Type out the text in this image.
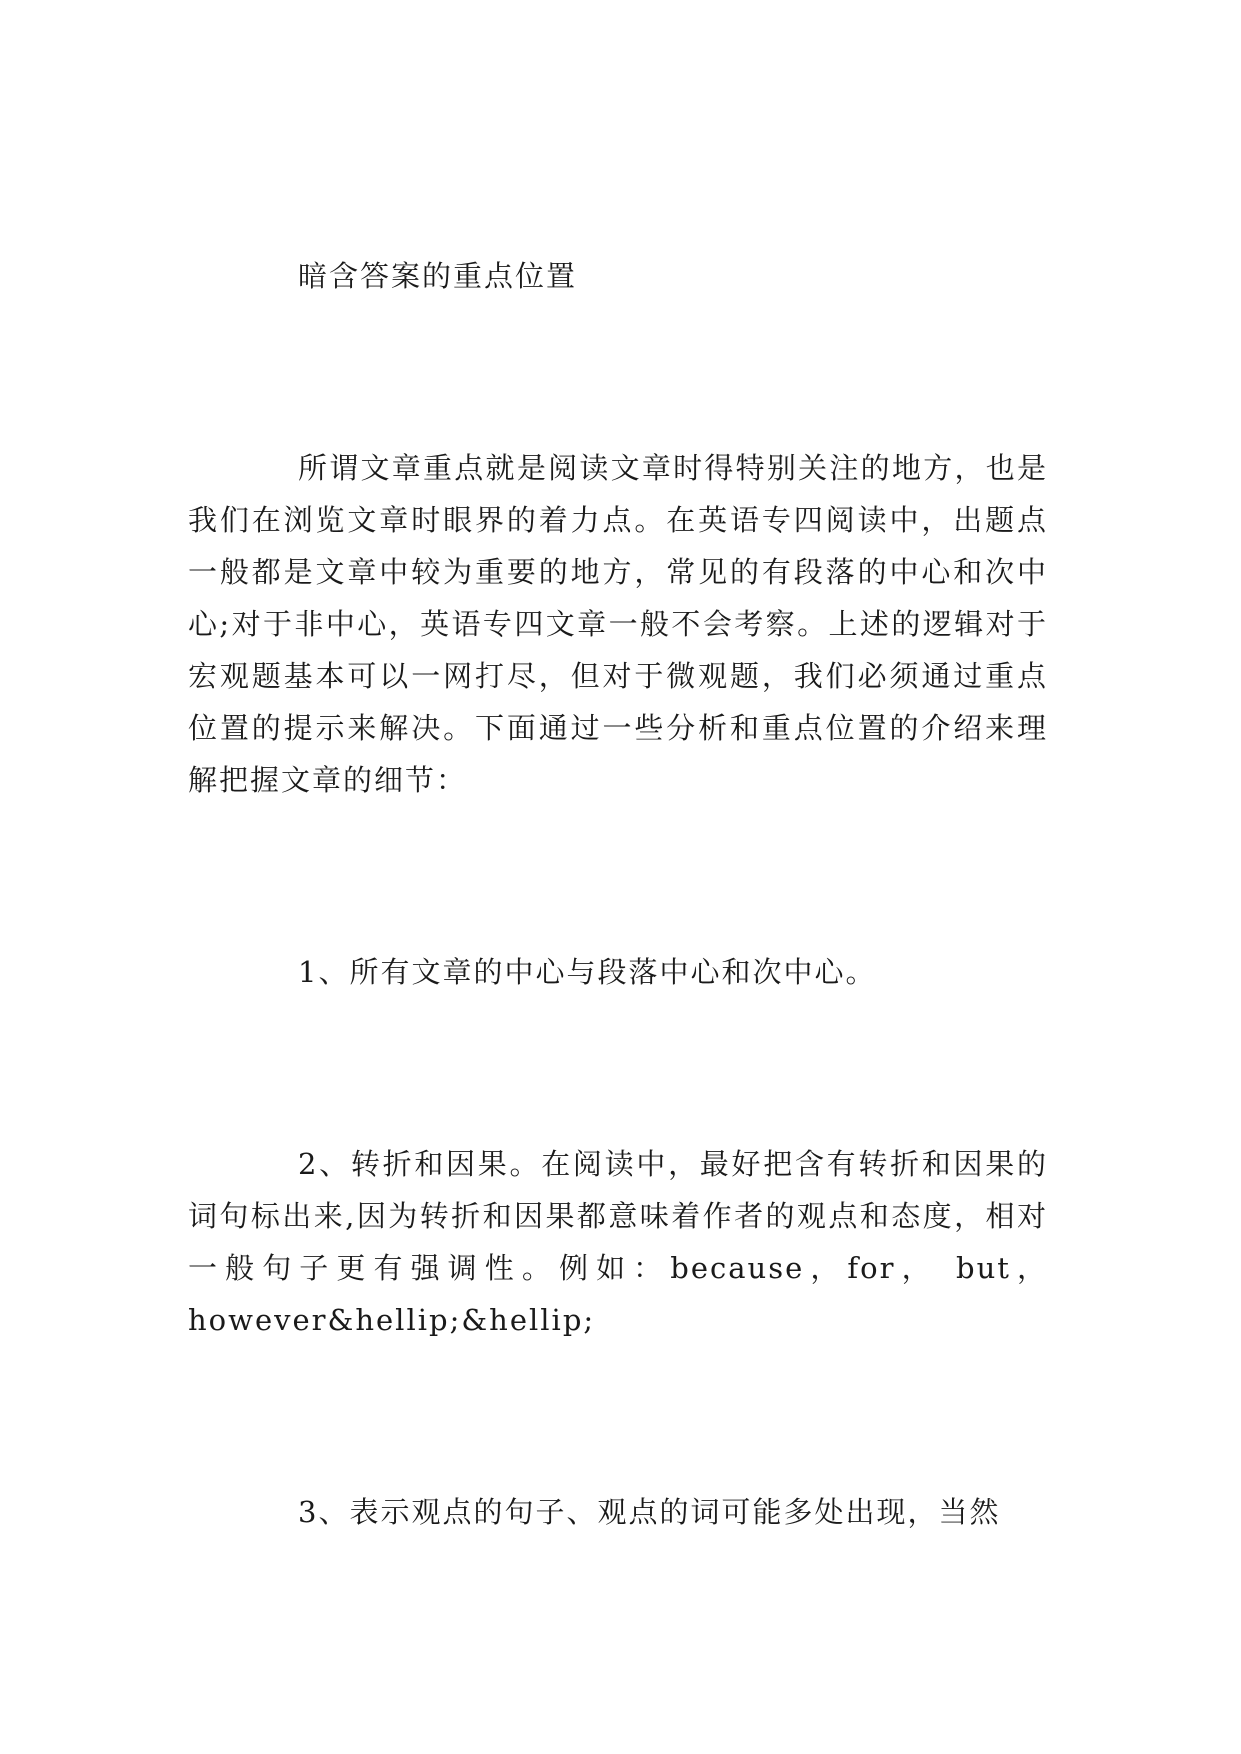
暗含答案的重点位置

所谓文章重点就是阅读文章时得特别关注的地方，也是我们在浏览文章时眼界的着力点。在英语专四阅读中，出题点一般都是文章中较为重要的地方，常见的有段落的中心和次中心;对于非中心，英语专四文章一般不会考察。上述的逻辑对于宏观题基本可以一网打尽，但对于微观题，我们必须通过重点位置的提示来解决。下面通过一些分析和重点位置的介绍来理解把握文章的细节：

1、所有文章的中心与段落中心和次中心。

2、转折和因果。在阅读中，最好把含有转折和因果的词句标出来,因为转折和因果都意味着作者的观点和态度，相对一般句子更有强调性。例如：because，for， but，however&hellip;&hellip;

3、表示观点的句子、观点的词可能多处出现，当然
